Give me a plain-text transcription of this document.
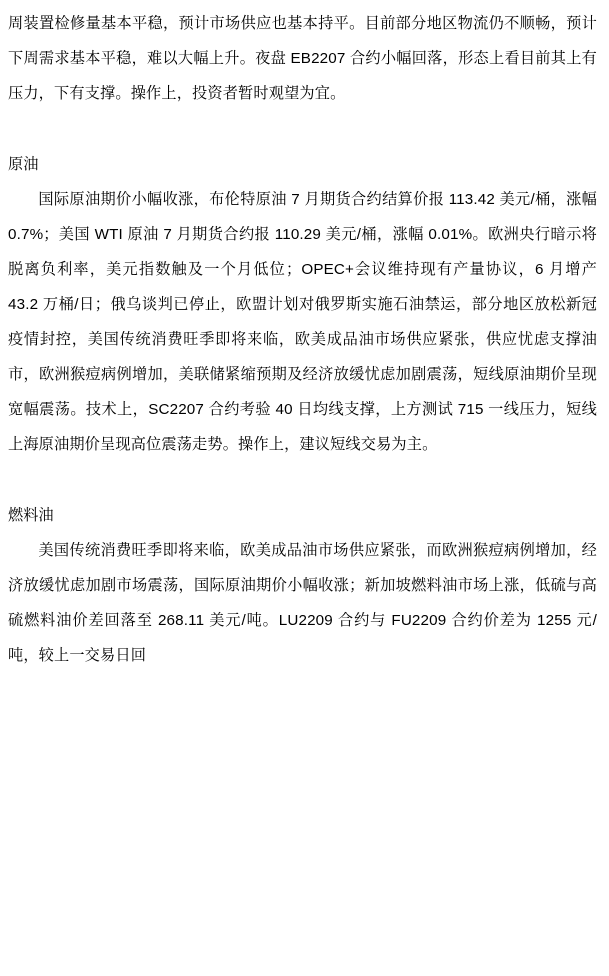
周装置检修量基本平稳，预计市场供应也基本持平。目前部分地区物流仍不顺畅，预计下周需求基本平稳，难以大幅上升。夜盘 EB2207 合约小幅回落，形态上看目前其上有压力，下有支撑。操作上，投资者暂时观望为宜。

原油

国际原油期价小幅收涨，布伦特原油 7 月期货合约结算价报 113.42 美元/桶，涨幅 0.7%；美国 WTI 原油 7 月期货合约报 110.29 美元/桶，涨幅 0.01%。欧洲央行暗示将脱离负利率，美元指数触及一个月低位；OPEC+会议维持现有产量协议，6 月增产 43.2 万桶/日；俄乌谈判已停止，欧盟计划对俄罗斯实施石油禁运，部分地区放松新冠疫情封控，美国传统消费旺季即将来临，欧美成品油市场供应紧张，供应忧虑支撑油市，欧洲猴痘病例增加，美联储紧缩预期及经济放缓忧虑加剧震荡，短线原油期价呈现宽幅震荡。技术上，SC2207 合约考验 40 日均线支撑，上方测试 715 一线压力，短线上海原油期价呈现高位震荡走势。操作上，建议短线交易为主。

燃料油

美国传统消费旺季即将来临，欧美成品油市场供应紧张，而欧洲猴痘病例增加，经济放缓忧虑加剧市场震荡，国际原油期价小幅收涨；新加坡燃料油市场上涨，低硫与高硫燃料油价差回落至 268.11 美元/吨。LU2209 合约与 FU2209 合约价差为 1255 元/吨，较上一交易日回
